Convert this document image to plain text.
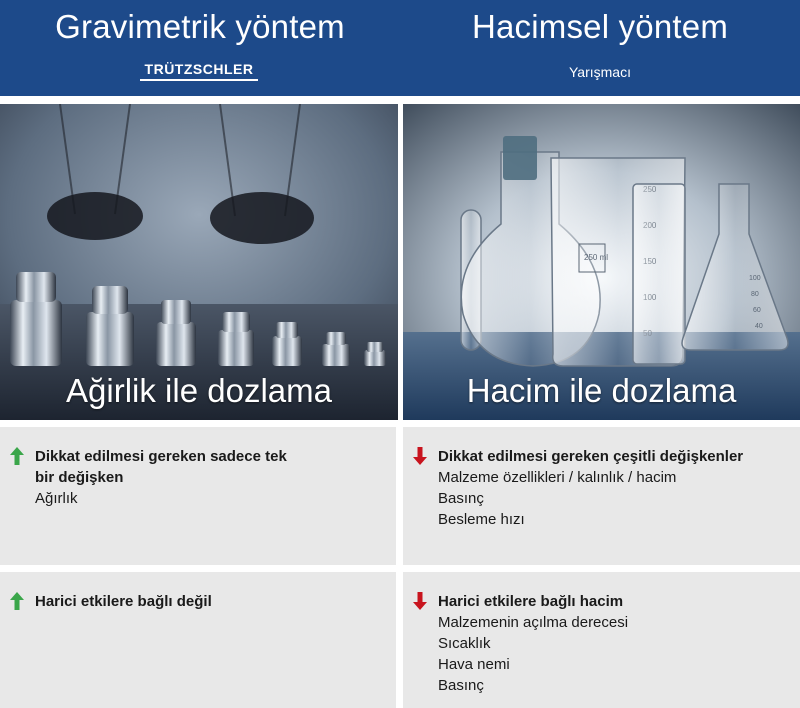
Gravimetrik yöntem	Hacimsel yöntem
TRÜTZSCHLER	Yarışmacı
Ağirlik ile dozlama
250 ml
100
80
60
40
Hacim ile dozlama
Dikkat edilmesi gereken sadece tek
bir değişken
Ağırlık
Dikkat edilmesi gereken çeşitli değişkenler
Malzeme özellikleri / kalınlık / hacim
Basınç
Besleme hızı
Harici etkilere bağlı değil	Harici etkilere bağlı hacim
Malzemenin açılma derecesi
Sıcaklık
Hava nemi
Basınç
